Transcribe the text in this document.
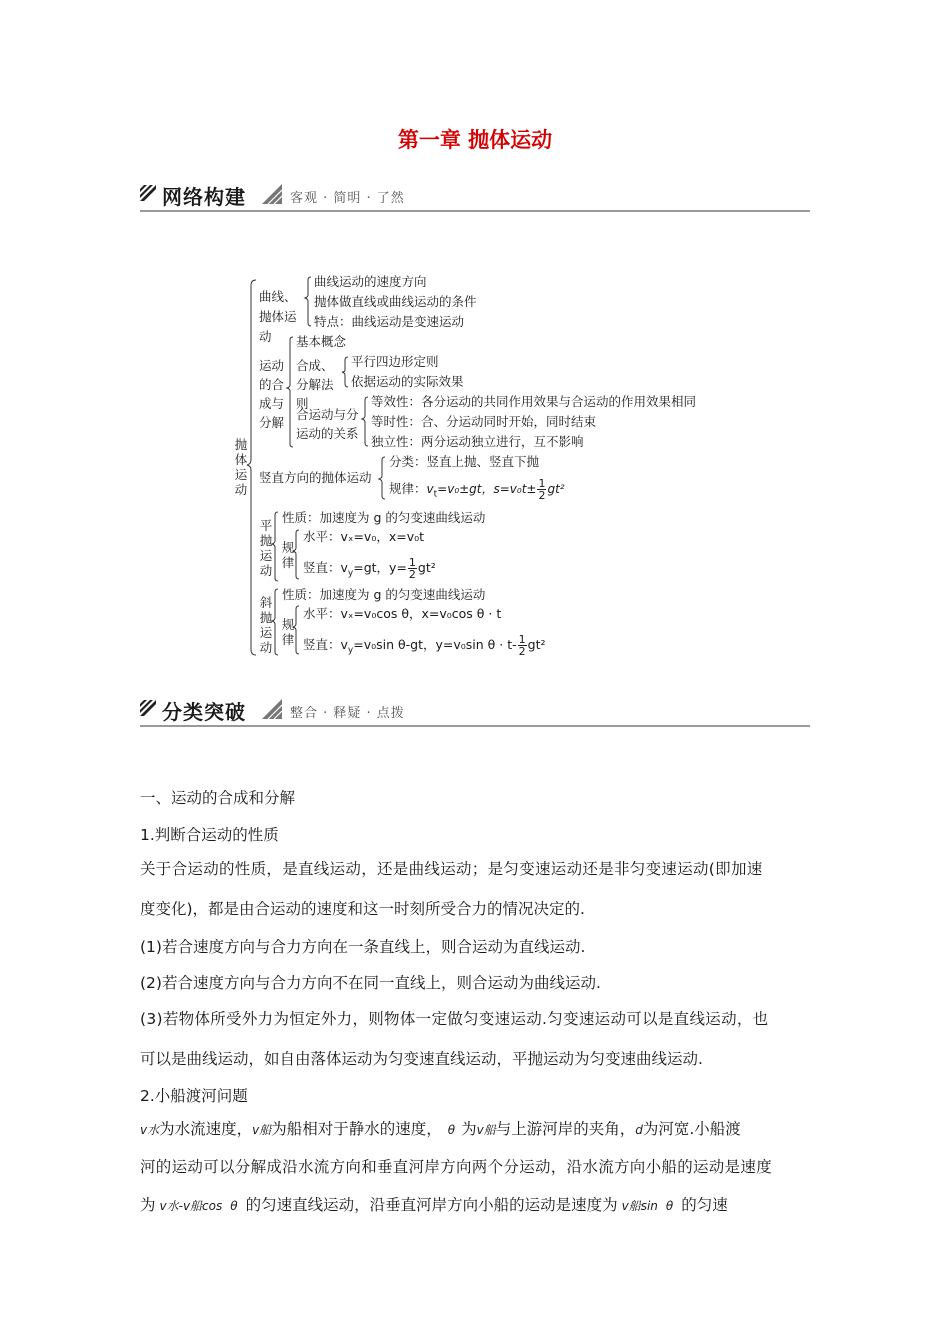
第一章 抛体运动
网络构建	客观 · 简明 · 了然
抛体运动
曲线、抛体运动
曲线运动的速度方向
抛体做直线或曲线运动的条件
特点：曲线运动是变速运动
运动的合成与分解
基本概念
合成、分解法则
平行四边形定则
依据运动的实际效果
合运动与分运动的关系
等效性：各分运动的共同作用效果与合运动的作用效果相同
等时性：合、分运动同时开始，同时结束
独立性：两分运动独立进行，互不影响
竖直方向的抛体运动
分类：竖直上抛、竖直下抛
规律：$v_t=v_0\pm gt$，$s=v_0t\pm \frac{1}{2} gt^2$
平抛运动
性质：加速度为 g 的匀变速曲线运动
规律
水平：vₓ=v₀，x=v₀t
竖直：$v_y=gt$，$y= \frac{1}{2} gt^2$
斜抛运动
性质：加速度为 g 的匀变速曲线运动
规律
水平：vₓ=v₀cos θ，x=v₀cos θ · t
竖直：$v_y=v_0\sin$ θ-gt，y=v₀sin $\theta \cdot t- \frac{1}{2} gt^2$
分类突破	整合 · 释疑 · 点拨
一、运动的合成和分解
1.判断合运动的性质
关于合运动的性质，是直线运动，还是曲线运动；是匀变速运动还是非匀变速运动(即加速
度变化)，都是由合运动的速度和这一时刻所受合力的情况决定的.
(1)若合速度方向与合力方向在一条直线上，则合运动为直线运动.
(2)若合速度方向与合力方向不在同一直线上，则合运动为曲线运动.
(3)若物体所受外力为恒定外力，则物体一定做匀变速运动.匀变速运动可以是直线运动，也
可以是曲线运动，如自由落体运动为匀变速直线运动，平抛运动为匀变速曲线运动.
2.小船渡河问题
v水为水流速度，v船为船相对于静水的速度， θ 为v船与上游河岸的夹角，d为河宽.小船渡
河的运动可以分解成沿水流方向和垂直河岸方向两个分运动，沿水流方向小船的运动是速度
为 v水-v船cos θ 的匀速直线运动，沿垂直河岸方向小船的运动是速度为 v船sin θ 的匀速
